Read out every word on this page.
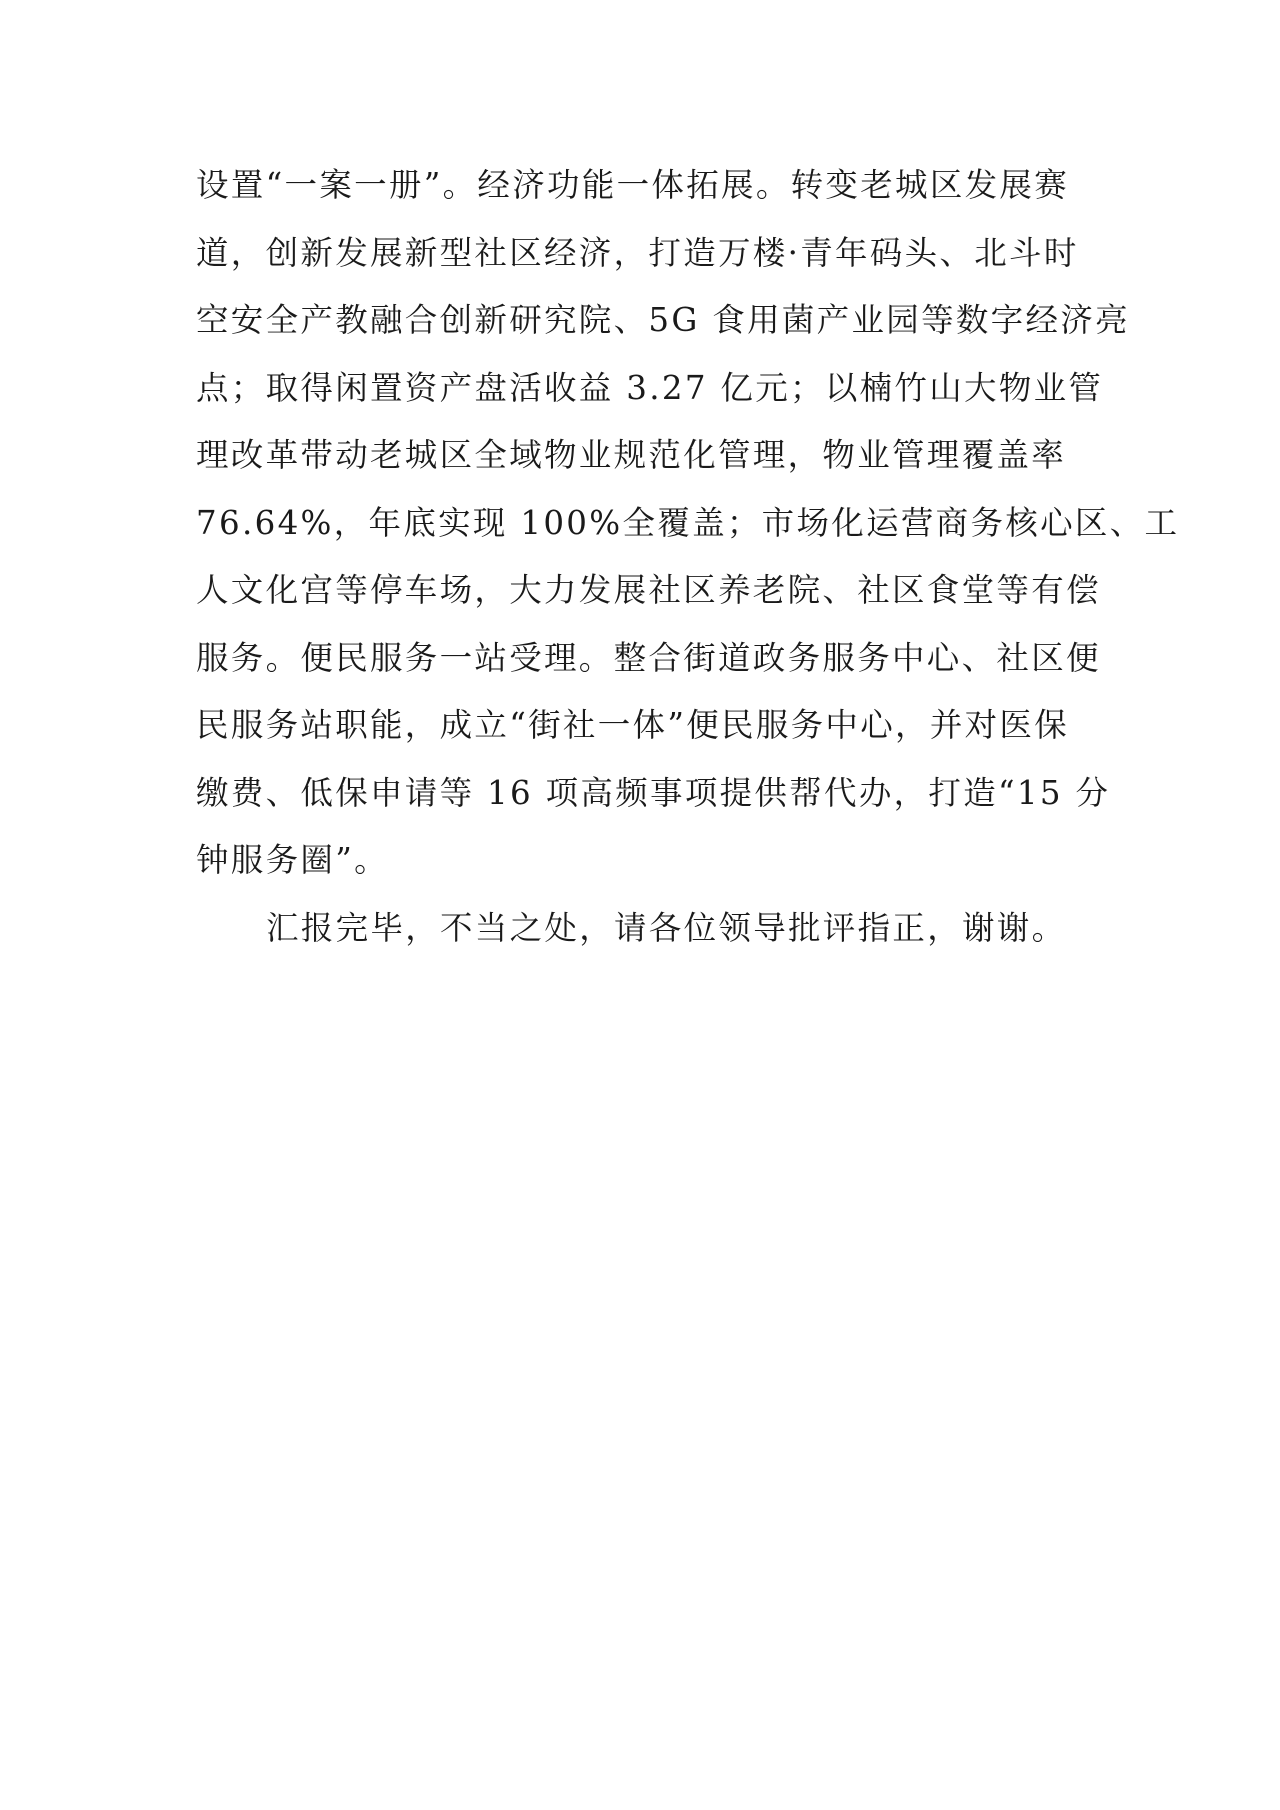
设置“一案一册”。经济功能一体拓展。转变老城区发展赛
道，创新发展新型社区经济，打造万楼·青年码头、北斗时
空安全产教融合创新研究院、5G 食用菌产业园等数字经济亮
点；取得闲置资产盘活收益 3.27 亿元；以楠竹山大物业管
理改革带动老城区全域物业规范化管理，物业管理覆盖率
76.64%，年底实现 100%全覆盖；市场化运营商务核心区、工
人文化宫等停车场，大力发展社区养老院、社区食堂等有偿
服务。便民服务一站受理。整合街道政务服务中心、社区便
民服务站职能，成立“街社一体”便民服务中心，并对医保
缴费、低保申请等 16 项高频事项提供帮代办，打造“15 分
钟服务圈”。
汇报完毕，不当之处，请各位领导批评指正，谢谢。
